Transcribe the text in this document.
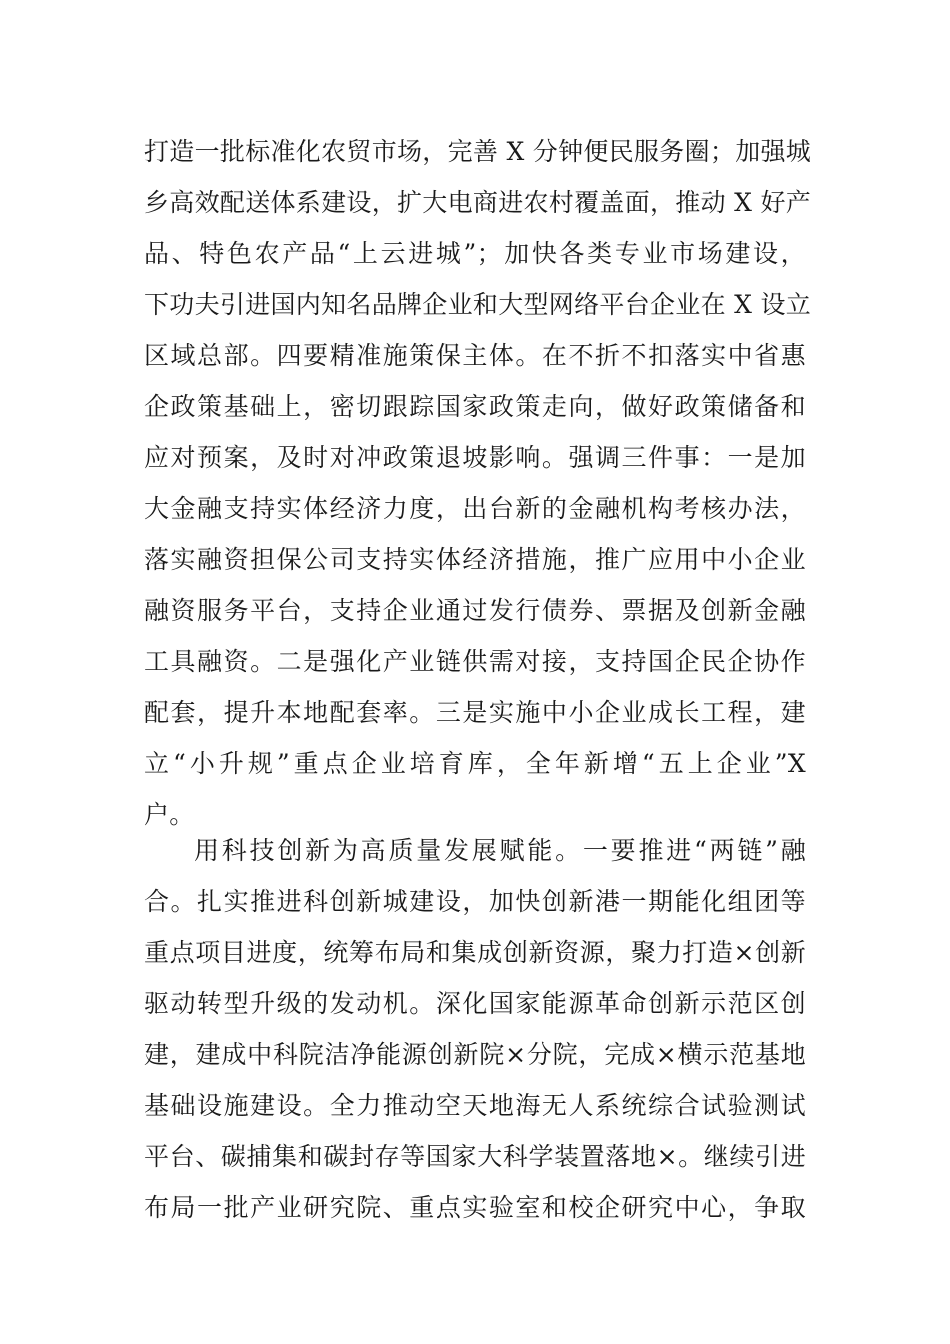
打造一批标准化农贸市场，完善 X 分钟便民服务圈；加强城
乡高效配送体系建设，扩大电商进农村覆盖面，推动 X 好产
品、特色农产品“上云进城”；加快各类专业市场建设，
下功夫引进国内知名品牌企业和大型网络平台企业在 X 设立
区域总部。四要精准施策保主体。在不折不扣落实中省惠
企政策基础上，密切跟踪国家政策走向，做好政策储备和
应对预案，及时对冲政策退坡影响。强调三件事：一是加
大金融支持实体经济力度，出台新的金融机构考核办法，
落实融资担保公司支持实体经济措施，推广应用中小企业
融资服务平台，支持企业通过发行债券、票据及创新金融
工具融资。二是强化产业链供需对接，支持国企民企协作
配套，提升本地配套率。三是实施中小企业成长工程，建
立“小升规”重点企业培育库，全年新增“五上企业”X
户。
用科技创新为高质量发展赋能。一要推进“两链”融
合。扎实推进科创新城建设，加快创新港一期能化组团等
重点项目进度，统筹布局和集成创新资源，聚力打造×创新
驱动转型升级的发动机。深化国家能源革命创新示范区创
建，建成中科院洁净能源创新院×分院，完成×横示范基地
基础设施建设。全力推动空天地海无人系统综合试验测试
平台、碳捕集和碳封存等国家大科学装置落地×。继续引进
布局一批产业研究院、重点实验室和校企研究中心，争取
